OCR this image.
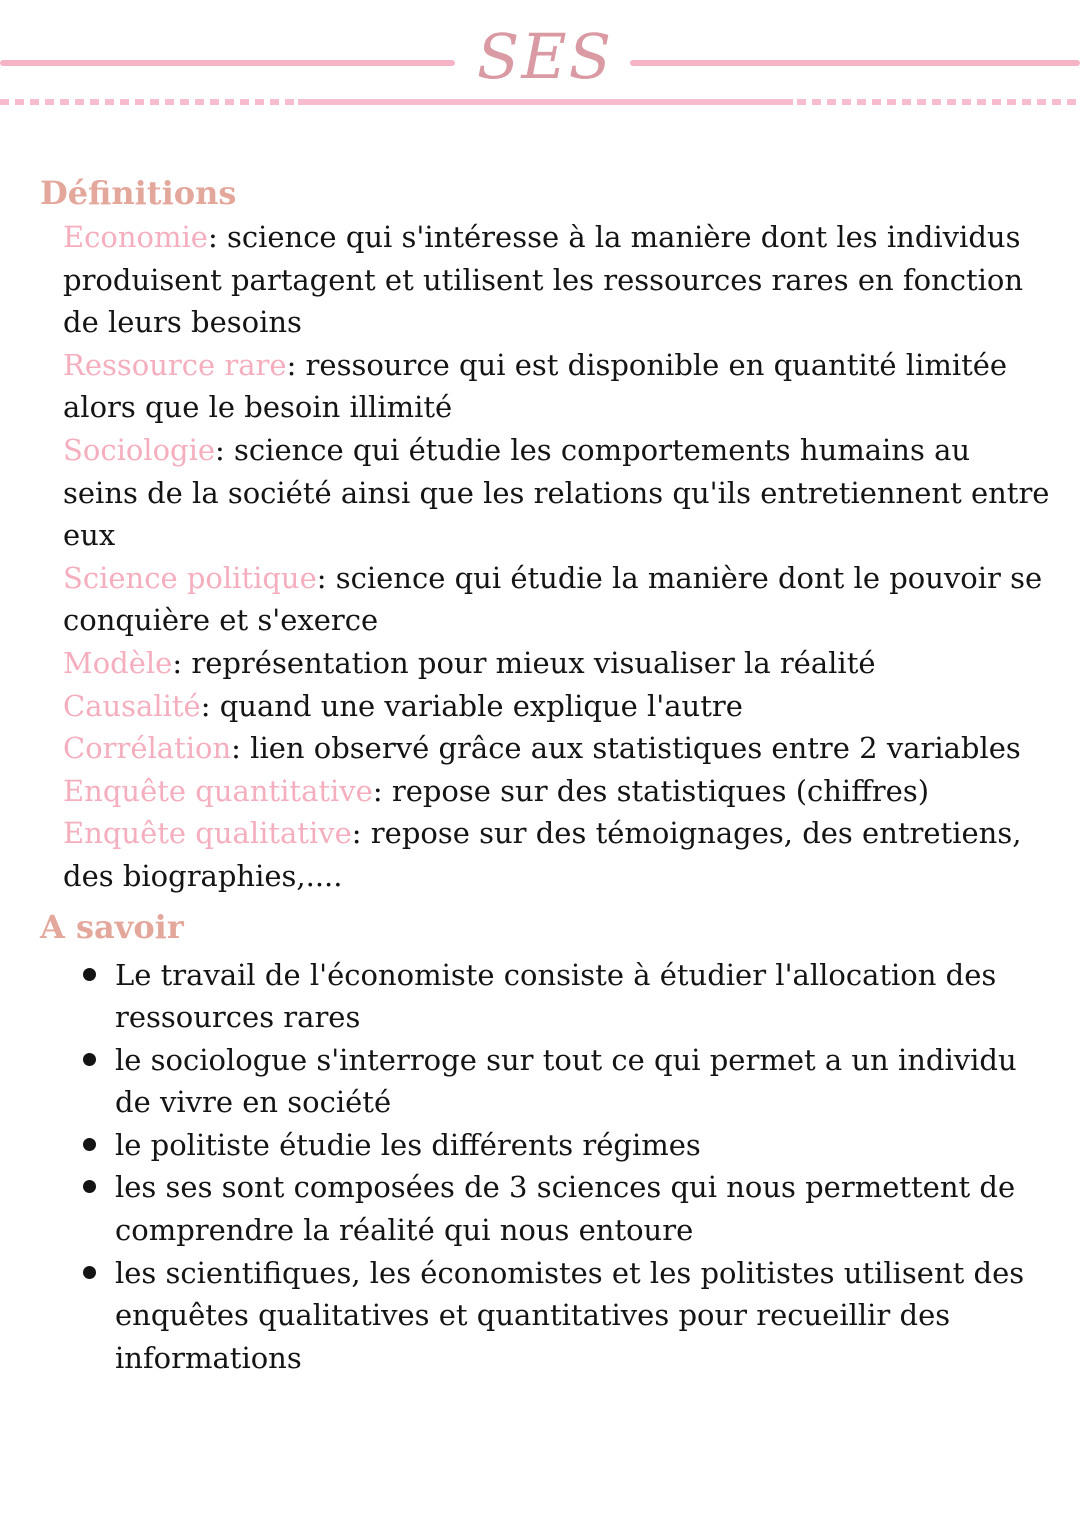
SES
Définitions
Economie: science qui s'intéresse à la manière dont les individus produisent partagent et utilisent les ressources rares en fonction de leurs besoins
Ressource rare: ressource qui est disponible en quantité limitée alors que le besoin illimité
Sociologie: science qui étudie les comportements humains au seins de la société ainsi que les relations qu'ils entretiennent entre eux
Science politique: science qui étudie la manière dont le pouvoir se conquière et s'exerce
Modèle: représentation pour mieux visualiser la réalité
Causalité: quand une variable explique l'autre
Corrélation: lien observé grâce aux statistiques entre 2 variables
Enquête quantitative: repose sur des statistiques (chiffres)
Enquête qualitative: repose sur des témoignages, des entretiens, des biographies,....
A savoir
Le travail de l'économiste consiste à étudier l'allocation des ressources rares
le sociologue s'interroge sur tout ce qui permet a un individu de vivre en société
le politiste étudie les différents régimes
les ses sont composées de 3 sciences qui nous permettent de comprendre la réalité qui nous entoure
les scientifiques, les économistes et les politistes utilisent des enquêtes qualitatives et quantitatives pour recueillir des informations
